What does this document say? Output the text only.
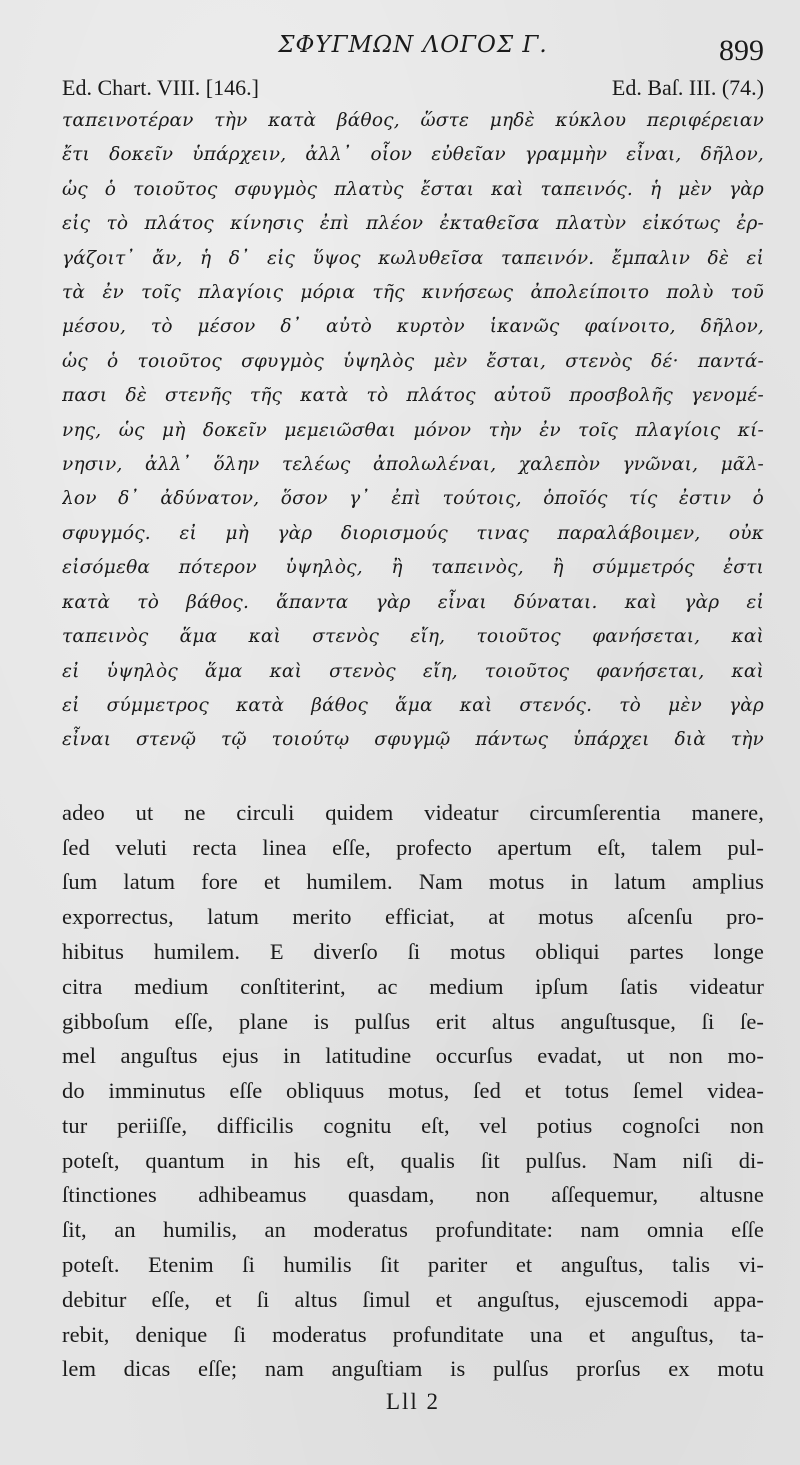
ΣΦΥΓΜΩΝ ΛΟΓΟΣ Γ.	899
Ed. Chart. VIII. [146.]	Ed. Baſ. III. (74.)
ταπεινοτέραν τὴν κατὰ βάθος, ὥστε μηδὲ κύκλου περιφέρειαν
ἔτι δοκεῖν ὑπάρχειν, ἀλλ᾽ οἷον εὐθεῖαν γραμμὴν εἶναι, δῆλον,
ὡς ὁ τοιοῦτος σφυγμὸς πλατὺς ἔσται καὶ ταπεινός. ἡ μὲν γὰρ
εἰς τὸ πλάτος κίνησις ἐπὶ πλέον ἐκταθεῖσα πλατὺν εἰκότως ἐρ-
γάζοιτ᾽ ἄν, ἡ δ᾽ εἰς ὕψος κωλυθεῖσα ταπεινόν. ἔμπαλιν δὲ εἰ
τὰ ἐν τοῖς πλαγίοις μόρια τῆς κινήσεως ἀπολείποιτο πολὺ τοῦ
μέσου, τὸ μέσον δ᾽ αὐτὸ κυρτὸν ἱκανῶς φαίνοιτο, δῆλον,
ὡς ὁ τοιοῦτος σφυγμὸς ὑψηλὸς μὲν ἔσται, στενὸς δέ· παντά-
πασι δὲ στενῆς τῆς κατὰ τὸ πλάτος αὐτοῦ προσβολῆς γενομέ-
νης, ὡς μὴ δοκεῖν μεμειῶσθαι μόνον τὴν ἐν τοῖς πλαγίοις κί-
νησιν, ἀλλ᾽ ὅλην τελέως ἀπολωλέναι, χαλεπὸν γνῶναι, μᾶλ-
λον δ᾽ ἀδύνατον, ὅσον γ᾽ ἐπὶ τούτοις, ὁποῖός τίς ἐστιν ὁ
σφυγμός. εἰ μὴ γὰρ διορισμούς τινας παραλάβοιμεν, οὐκ
εἰσόμεθα πότερον ὑψηλὸς, ἢ ταπεινὸς, ἢ σύμμετρός ἐστι
κατὰ τὸ βάθος. ἅπαντα γὰρ εἶναι δύναται. καὶ γὰρ εἰ
ταπεινὸς ἅμα καὶ στενὸς εἴη, τοιοῦτος φανήσεται, καὶ
εἰ ὑψηλὸς ἅμα καὶ στενὸς εἴη, τοιοῦτος φανήσεται, καὶ
εἰ σύμμετρος κατὰ βάθος ἅμα καὶ στενός. τὸ μὲν γὰρ
εἶναι στενῷ τῷ τοιούτῳ σφυγμῷ πάντως ὑπάρχει διὰ τὴν
adeo ut ne circuli quidem videatur circumſerentia manere,
ſed veluti recta linea eſſe, profecto apertum eſt, talem pul-
ſum latum fore et humilem. Nam motus in latum amplius
exporrectus, latum merito efficiat, at motus aſcenſu pro-
hibitus humilem. E diverſo ſi motus obliqui partes longe
citra medium conſtiterint, ac medium ipſum ſatis videatur
gibboſum eſſe, plane is pulſus erit altus anguſtusque, ſi ſe-
mel anguſtus ejus in latitudine occurſus evadat, ut non mo-
do imminutus eſſe obliquus motus, ſed et totus ſemel videa-
tur periiſſe, difficilis cognitu eſt, vel potius cognoſci non
poteſt, quantum in his eſt, qualis ſit pulſus. Nam niſi di-
ſtinctiones adhibeamus quasdam, non aſſequemur, altusne
ſit, an humilis, an moderatus profunditate: nam omnia eſſe
poteſt. Etenim ſi humilis ſit pariter et anguſtus, talis vi-
debitur eſſe, et ſi altus ſimul et anguſtus, ejuscemodi appa-
rebit, denique ſi moderatus profunditate una et anguſtus, ta-
lem dicas eſſe; nam anguſtiam is pulſus prorſus ex motu
Lll 2
